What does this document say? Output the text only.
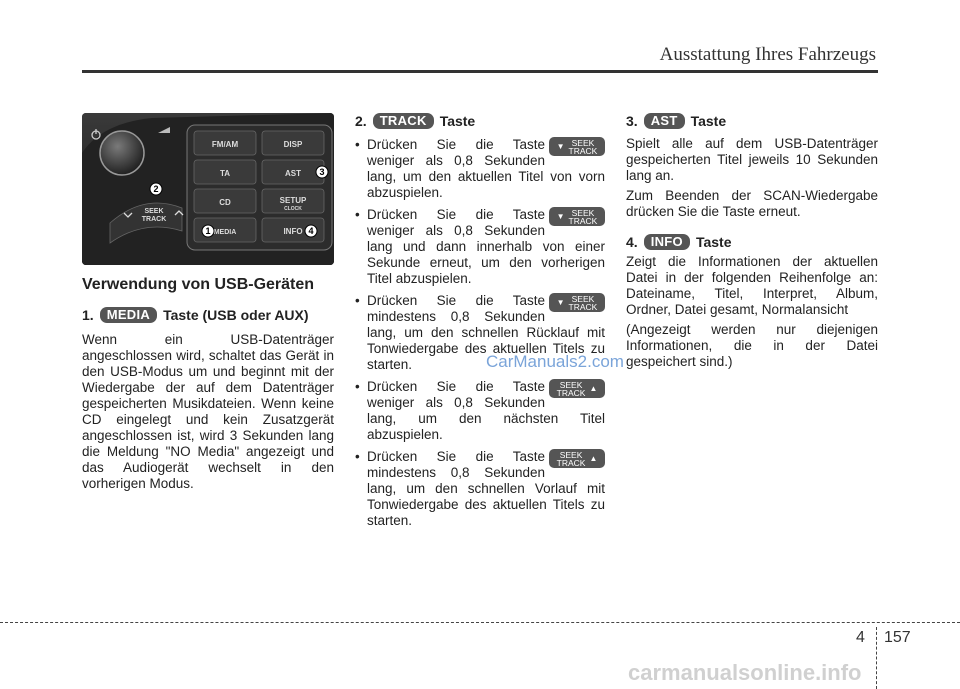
Ausstattung Ihres Fahrzeugs
FM/AM	DISP
TA	AST
CD	SETUP
CLOCK
MEDIA	INFO
SEEK
TRACK
1
2
3
4
Verwendung von USB-Geräten
1.	MEDIA Taste (USB oder AUX)
Wenn ein USB-Datenträger angeschlossen wird, schaltet das Gerät in den USB-Modus um und beginnt mit der Wiedergabe der auf dem Datenträger gespeicherten Musikdateien. Wenn keine CD eingelegt und kein Zusatzgerät angeschlossen ist, wird 3 Sekunden lang die Meldung "NO Media" angezeigt und das Audiogerät wechselt in den vorherigen Modus.
2.	TRACK Taste
• ▼ SEEK
TRACK
Drücken Sie die Taste weniger als 0,8 Sekunden lang, um den aktuellen Titel von vorn abzuspielen.
• ▼ SEEK
TRACK
Drücken Sie die Taste weniger als 0,8 Sekunden lang und dann innerhalb von einer Sekunde erneut, um den vorherigen Titel abzuspielen.
• ▼ SEEK
TRACK
Drücken Sie die Taste mindestens 0,8 Sekunden lang, um den schnellen Rücklauf mit Tonwiedergabe des aktuellen Titels zu starten.
• SEEK
TRACK ▲
Drücken Sie die Taste weniger als 0,8 Sekunden lang, um den nächsten Titel abzuspielen.
• SEEK
TRACK ▲
Drücken Sie die Taste mindestens 0,8 Sekunden lang, um den schnellen Vorlauf mit Tonwiedergabe des aktuellen Titels zu starten.
3.	AST Taste
Spielt alle auf dem USB-Datenträger gespeicherten Titel jeweils 10 Sekunden lang an.
Zum Beenden der SCAN-Wiedergabe drücken Sie die Taste erneut.
4.	INFO Taste
Zeigt die Informationen der aktuellen Datei in der folgenden Reihenfolge an: Dateiname, Titel, Interpret, Album, Ordner, Datei gesamt, Normalansicht
(Angezeigt werden nur diejenigen Informationen, die in der Datei gespeichert sind.)
CarManuals2.com
4 157
carmanualsonline.info
